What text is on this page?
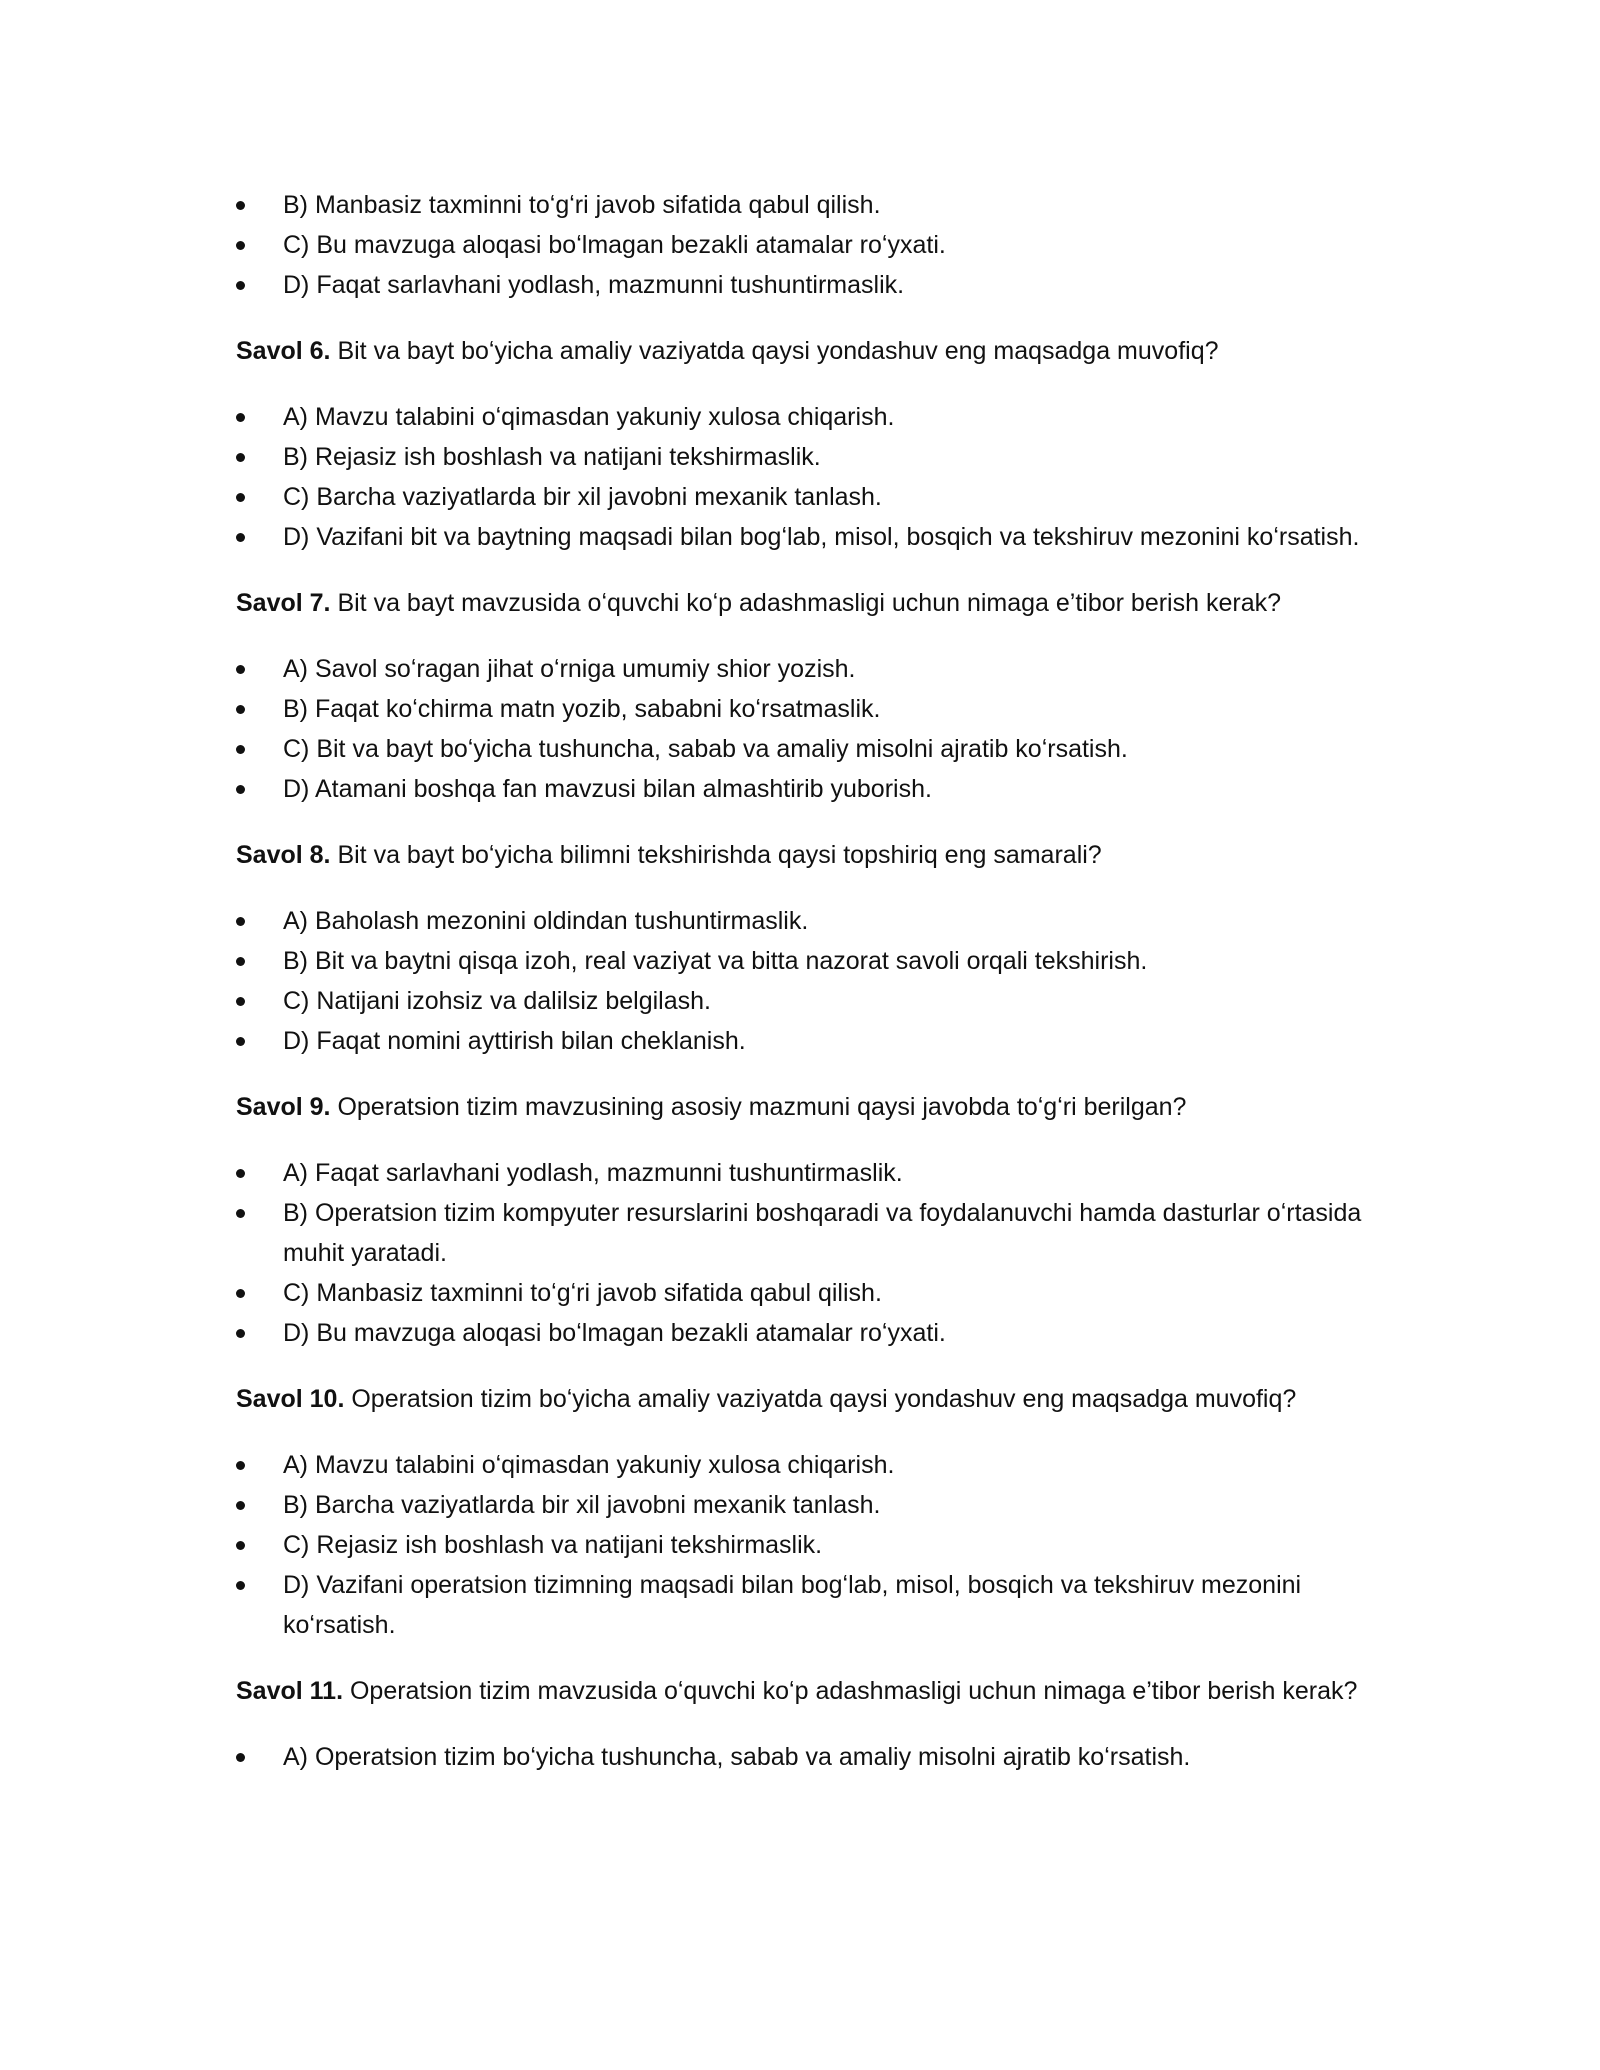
B) Manbasiz taxminni toʻgʻri javob sifatida qabul qilish.
C) Bu mavzuga aloqasi boʻlmagan bezakli atamalar roʻyxati.
D) Faqat sarlavhani yodlash, mazmunni tushuntirmaslik.

Savol 6. Bit va bayt boʻyicha amaliy vaziyatda qaysi yondashuv eng maqsadga muvofiq?

A) Mavzu talabini oʻqimasdan yakuniy xulosa chiqarish.
B) Rejasiz ish boshlash va natijani tekshirmaslik.
C) Barcha vaziyatlarda bir xil javobni mexanik tanlash.
D) Vazifani bit va baytning maqsadi bilan bogʻlab, misol, bosqich va tekshiruv mezonini koʻrsatish.

Savol 7. Bit va bayt mavzusida oʻquvchi koʻp adashmasligi uchun nimaga e’tibor berish kerak?

A) Savol soʻragan jihat oʻrniga umumiy shior yozish.
B) Faqat koʻchirma matn yozib, sababni koʻrsatmaslik.
C) Bit va bayt boʻyicha tushuncha, sabab va amaliy misolni ajratib koʻrsatish.
D) Atamani boshqa fan mavzusi bilan almashtirib yuborish.

Savol 8. Bit va bayt boʻyicha bilimni tekshirishda qaysi topshiriq eng samarali?

A) Baholash mezonini oldindan tushuntirmaslik.
B) Bit va baytni qisqa izoh, real vaziyat va bitta nazorat savoli orqali tekshirish.
C) Natijani izohsiz va dalilsiz belgilash.
D) Faqat nomini ayttirish bilan cheklanish.

Savol 9. Operatsion tizim mavzusining asosiy mazmuni qaysi javobda toʻgʻri berilgan?

A) Faqat sarlavhani yodlash, mazmunni tushuntirmaslik.
B) Operatsion tizim kompyuter resurslarini boshqaradi va foydalanuvchi hamda dasturlar oʻrtasida muhit yaratadi.
C) Manbasiz taxminni toʻgʻri javob sifatida qabul qilish.
D) Bu mavzuga aloqasi boʻlmagan bezakli atamalar roʻyxati.

Savol 10. Operatsion tizim boʻyicha amaliy vaziyatda qaysi yondashuv eng maqsadga muvofiq?

A) Mavzu talabini oʻqimasdan yakuniy xulosa chiqarish.
B) Barcha vaziyatlarda bir xil javobni mexanik tanlash.
C) Rejasiz ish boshlash va natijani tekshirmaslik.
D) Vazifani operatsion tizimning maqsadi bilan bogʻlab, misol, bosqich va tekshiruv mezonini koʻrsatish.

Savol 11. Operatsion tizim mavzusida oʻquvchi koʻp adashmasligi uchun nimaga e’tibor berish kerak?

A) Operatsion tizim boʻyicha tushuncha, sabab va amaliy misolni ajratib koʻrsatish.
